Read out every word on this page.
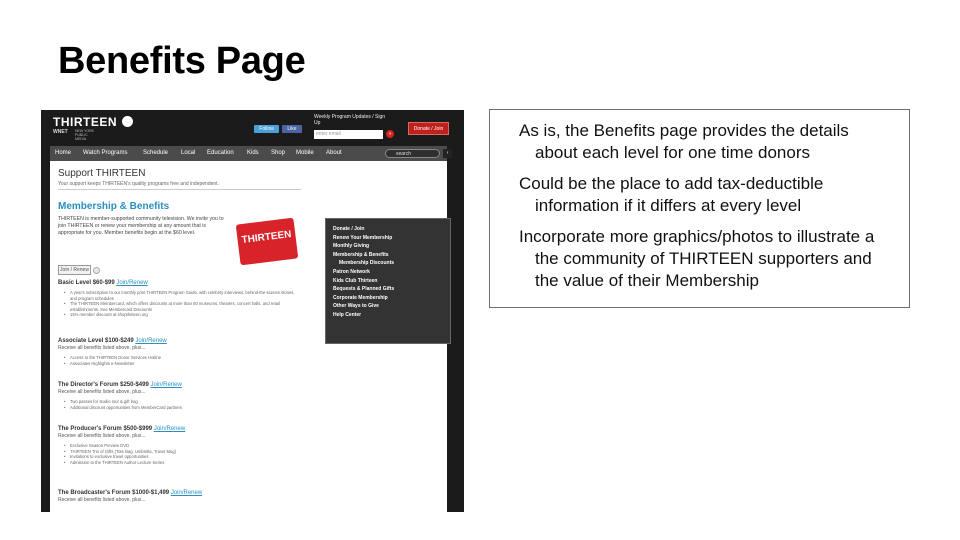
Benefits Page
As is, the Benefits page provides the details about each level for one time donors
Could be the place to add tax-deductible information if it differs at every level
Incorporate more graphics/photos to illustrate a the community of THIRTEEN supporters and the value of their Membership
THIRTEEN
WNET NEW YORK PUBLIC MEDIA
Weekly Program Updates / Sign Up
Follow	Like
enter email	»
Donate / Join
Home Watch Programs	Schedule Local Education Kids Shop Mobile About	search	›
Support THIRTEEN
Your support keeps THIRTEEN's quality programs free and independent.
Membership & Benefits
THIRTEEN is member-supported community television. We invite you to join THIRTEEN or renew your membership at any amount that is appropriate for you. Member benefits begin at the $60 level.	THIRTEEN
Join / Renew
Basic Level $60-$99 Join/Renew
• A year's subscription to our monthly print THIRTEEN Program Guide, with celebrity interviews, behind-the-scenes stories, and program schedules
• The THIRTEEN Membercard, which offers discounts at more than 80 museums, theaters, concert halls, and retail establishments. See Membercard Discounts
• 15% member discount at shopthirteen.org
Associate Level $100-$249 Join/Renew
Receive all benefits listed above, plus...
• Access to the THIRTEEN Donor Services Hotline
• Associates Highlights e-Newsletter
The Director's Forum $250-$499 Join/Renew
Receive all benefits listed above, plus...
• Two passes for studio tour & gift bag
• Additional discount opportunities from MemberCard partners
The Producer's Forum $500-$999 Join/Renew
Receive all benefits listed above, plus...
• Exclusive Season Preview DVD
• THIRTEEN Trio of Gifts (Tote Bag, Umbrella, Travel Mug)
• Invitations to exclusive travel opportunities
• Admission to the THIRTEEN Author Lecture Series
The Broadcaster's Forum $1000-$1,499 Join/Renew
Receive all benefits listed above, plus...
Donate / Join
Renew Your Membership
Monthly Giving
Membership & Benefits
Membership Discounts
Patron Network
Kids Club Thirteen
Bequests & Planned Gifts
Corporate Membership
Other Ways to Give
Help Center
